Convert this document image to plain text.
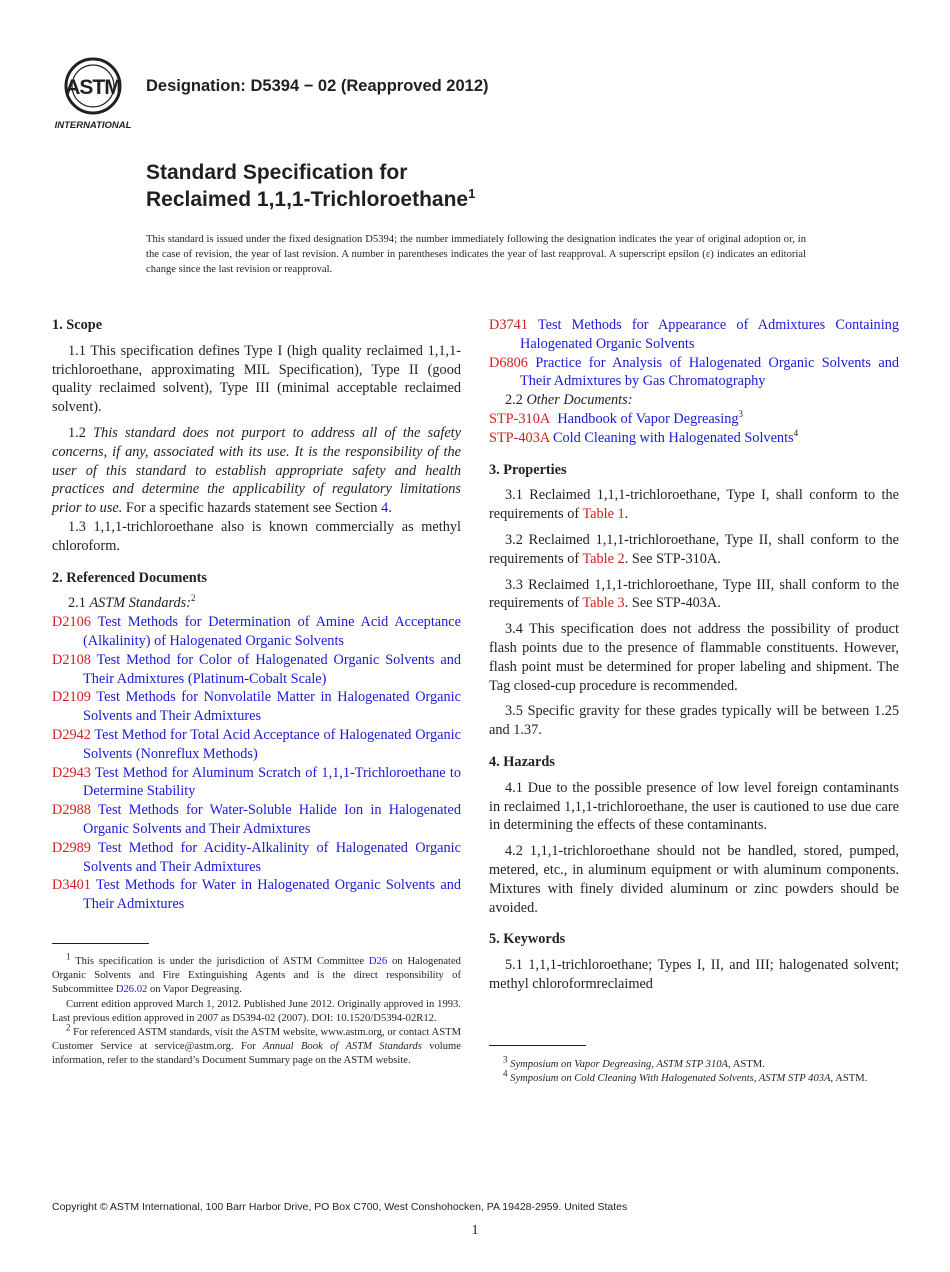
ASTM
INTERNATIONAL
Designation: D5394 − 02 (Reapproved 2012)
Standard Specification for
Reclaimed 1,1,1-Trichloroethane$^1$
This standard is issued under the fixed designation D5394; the number immediately following the designation indicates the year of original adoption or, in the case of revision, the year of last revision. A number in parentheses indicates the year of last reapproval. A superscript epsilon (ε) indicates an editorial change since the last revision or reapproval.
1. Scope
1.1 This specification defines Type I (high quality reclaimed 1,1,1-trichloroethane, approximating MIL Specification), Type II (good quality reclaimed solvent), Type III (minimal acceptable reclaimed solvent).
1.2 This standard does not purport to address all of the safety concerns, if any, associated with its use. It is the responsibility of the user of this standard to establish appropriate safety and health practices and determine the applicability of regulatory limitations prior to use. For a specific hazards statement see Section 4.
1.3 1,1,1-trichloroethane also is known commercially as methyl chloroform.
2. Referenced Documents
2.1 ASTM Standards:$^2$
D2106 Test Methods for Determination of Amine Acid Acceptance (Alkalinity) of Halogenated Organic Solvents
D2108 Test Method for Color of Halogenated Organic Solvents and Their Admixtures (Platinum-Cobalt Scale)
D2109 Test Methods for Nonvolatile Matter in Halogenated Organic Solvents and Their Admixtures
D2942 Test Method for Total Acid Acceptance of Halogenated Organic Solvents (Nonreflux Methods)
D2943 Test Method for Aluminum Scratch of 1,1,1-Trichloroethane to Determine Stability
D2988 Test Methods for Water-Soluble Halide Ion in Halogenated Organic Solvents and Their Admixtures
D2989 Test Method for Acidity-Alkalinity of Halogenated Organic Solvents and Their Admixtures
D3401 Test Methods for Water in Halogenated Organic Solvents and Their Admixtures
D3741 Test Methods for Appearance of Admixtures Containing Halogenated Organic Solvents
D6806 Practice for Analysis of Halogenated Organic Solvents and Their Admixtures by Gas Chromatography
2.2 Other Documents:
STP-310A Handbook of Vapor Degreasing$^3$
STP-403A Cold Cleaning with Halogenated Solvents$^4$
3. Properties
3.1 Reclaimed 1,1,1-trichloroethane, Type I, shall conform to the requirements of Table 1.
3.2 Reclaimed 1,1,1-trichloroethane, Type II, shall conform to the requirements of Table 2. See STP-310A.
3.3 Reclaimed 1,1,1-trichloroethane, Type III, shall conform to the requirements of Table 3. See STP-403A.
3.4 This specification does not address the possibility of product flash points due to the presence of flammable constituents. However, flash point must be determined for proper labeling and shipment. The Tag closed-cup procedure is recommended.
3.5 Specific gravity for these grades typically will be between 1.25 and 1.37.
4. Hazards
4.1 Due to the possible presence of low level foreign contaminants in reclaimed 1,1,1-trichloroethane, the user is cautioned to use due care in determining the effects of these contaminants.
4.2 1,1,1-trichloroethane should not be handled, stored, pumped, metered, etc., in aluminum equipment or with aluminum components. Mixtures with finely divided aluminum or zinc powders should be avoided.
5. Keywords
5.1 1,1,1-trichloroethane; Types I, II, and III; halogenated solvent; methyl chloroformreclaimed

$^1$ This specification is under the jurisdiction of ASTM Committee D26 on Halogenated Organic Solvents and Fire Extinguishing Agents and is the direct responsibility of Subcommittee D26.02 on Vapor Degreasing.

Current edition approved March 1, 2012. Published June 2012. Originally approved in 1993. Last previous edition approved in 2007 as D5394-02 (2007). DOI: 10.1520/D5394-02R12.

$^2$ For referenced ASTM standards, visit the ASTM website, www.astm.org, or contact ASTM Customer Service at service@astm.org. For Annual Book of ASTM Standards volume information, refer to the standard’s Document Summary page on the ASTM website.	$^3$ Symposium on Vapor Degreasing, ASTM STP 310A, ASTM.

$^4$ Symposium on Cold Cleaning With Halogenated Solvents, ASTM STP 403A, ASTM.

Copyright © ASTM International, 100 Barr Harbor Drive, PO Box C700, West Conshohocken, PA 19428-2959. United States
1
